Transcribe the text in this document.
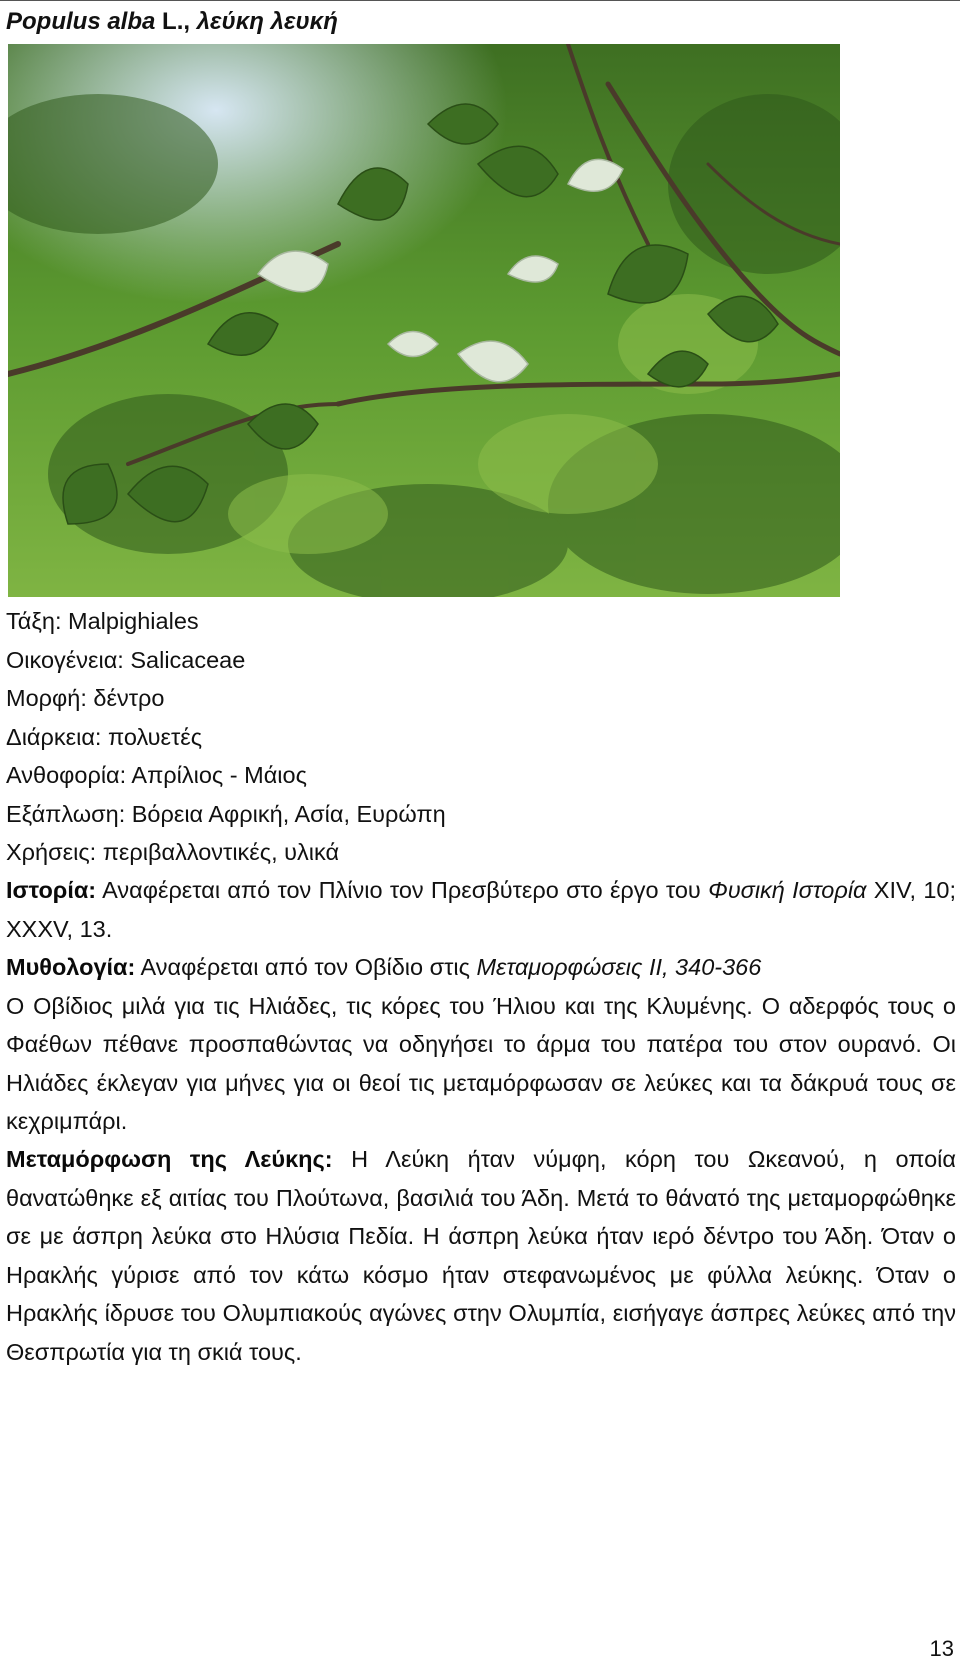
Populus alba L., λεύκη λευκή
Τάξη: Malpighiales
Οικογένεια: Salicaceae
Μορφή: δέντρο
Διάρκεια: πολυετές
Ανθοφορία: Απρίλιος - Μάιος
Εξάπλωση: Βόρεια Αφρική, Ασία, Ευρώπη
Χρήσεις: περιβαλλοντικές, υλικά
Ιστορία: Αναφέρεται από τον Πλίνιο τον Πρεσβύτερο στο έργο του Φυσική Ιστορία XIV, 10; XXXV, 13.
Μυθολογία: Αναφέρεται από τον Οβίδιο στις Μεταμορφώσεις II, 340-366
Ο Οβίδιος μιλά για τις Ηλιάδες, τις κόρες του Ήλιου και της Κλυμένης. Ο αδερφός τους ο Φαέθων πέθανε προσπαθώντας να οδηγήσει το άρμα του πατέρα του στον ουρανό. Οι Ηλιάδες έκλεγαν για μήνες για οι θεοί τις μεταμόρφωσαν σε λεύκες και τα δάκρυά τους σε κεχριμπάρι.
Μεταμόρφωση της Λεύκης: Η Λεύκη ήταν νύμφη, κόρη του Ωκεανού, η οποία θανατώθηκε εξ αιτίας του Πλούτωνα, βασιλιά του Άδη. Μετά το θάνατό της μεταμορφώθηκε σε με άσπρη λεύκα στο Ηλύσια Πεδία. Η άσπρη λεύκα ήταν ιερό δέντρο του Άδη. Όταν ο Ηρακλής γύρισε από τον κάτω κόσμο ήταν στεφανωμένος με φύλλα λεύκης. Όταν ο Ηρακλής ίδρυσε του Ολυμπιακούς αγώνες στην Ολυμπία, εισήγαγε άσπρες λεύκες από την Θεσπρωτία για τη σκιά τους.
13
